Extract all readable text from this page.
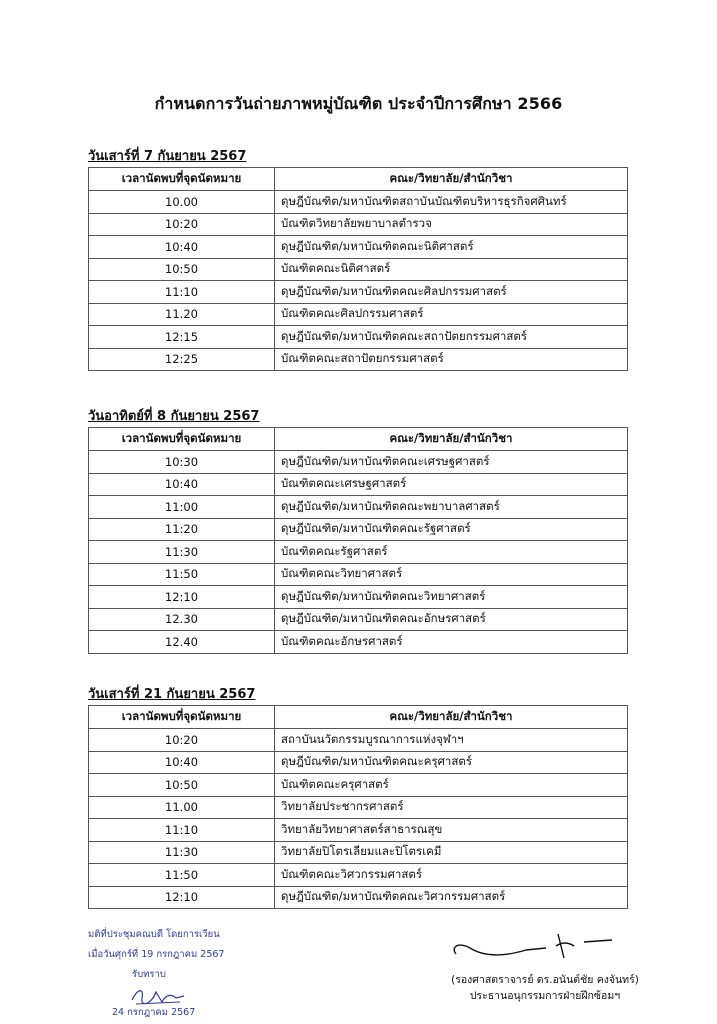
กำหนดการวันถ่ายภาพหมู่บัณฑิต ประจำปีการศึกษา 2566
วันเสาร์ที่ 7 กันยายน 2567
เวลานัดพบที่จุดนัดหมาย	คณะ/วิทยาลัย/สำนักวิชา
10.00	ดุษฎีบัณฑิต/มหาบัณฑิตสถาบันบัณฑิตบริหารธุรกิจศศินทร์
10:20	บัณฑิตวิทยาลัยพยาบาลตำรวจ
10:40	ดุษฎีบัณฑิต/มหาบัณฑิตคณะนิติศาสตร์
10:50	บัณฑิตคณะนิติศาสตร์
11:10	ดุษฎีบัณฑิต/มหาบัณฑิตคณะศิลปกรรมศาสตร์
11.20	บัณฑิตคณะศิลปกรรมศาสตร์
12:15	ดุษฎีบัณฑิต/มหาบัณฑิตคณะสถาปัตยกรรมศาสตร์
12:25	บัณฑิตคณะสถาปัตยกรรมศาสตร์
วันอาทิตย์ที่ 8 กันยายน 2567
เวลานัดพบที่จุดนัดหมาย	คณะ/วิทยาลัย/สำนักวิชา
10:30	ดุษฎีบัณฑิต/มหาบัณฑิตคณะเศรษฐศาสตร์
10:40	บัณฑิตคณะเศรษฐศาสตร์
11:00	ดุษฎีบัณฑิต/มหาบัณฑิตคณะพยาบาลศาสตร์
11:20	ดุษฎีบัณฑิต/มหาบัณฑิตคณะรัฐศาสตร์
11:30	บัณฑิตคณะรัฐศาสตร์
11:50	บัณฑิตคณะวิทยาศาสตร์
12:10	ดุษฎีบัณฑิต/มหาบัณฑิตคณะวิทยาศาสตร์
12.30	ดุษฎีบัณฑิต/มหาบัณฑิตคณะอักษรศาสตร์
12.40	บัณฑิตคณะอักษรศาสตร์
วันเสาร์ที่ 21 กันยายน 2567
เวลานัดพบที่จุดนัดหมาย	คณะ/วิทยาลัย/สำนักวิชา
10:20	สถาบันนวัตกรรมบูรณาการแห่งจุฬาฯ
10:40	ดุษฎีบัณฑิต/มหาบัณฑิตคณะครุศาสตร์
10:50	บัณฑิตคณะครุศาสตร์
11.00	วิทยาลัยประชากรศาสตร์
11:10	วิทยาลัยวิทยาศาสตร์สาธารณสุข
11:30	วิทยาลัยปิโตรเลียมและปิโตรเคมี
11:50	บัณฑิตคณะวิศวกรรมศาสตร์
12:10	ดุษฎีบัณฑิต/มหาบัณฑิตคณะวิศวกรรมศาสตร์
มติที่ประชุมคณบดี โดยการเวียน
เมื่อวันศุกร์ที่ 19 กรกฎาคม 2567
รับทราบ
24 กรกฎาคม 2567
(รองศาสตราจารย์ ดร.อนันต์ชัย คงจันทร์)
ประธานอนุกรรมการฝ่ายฝึกซ้อมฯ
